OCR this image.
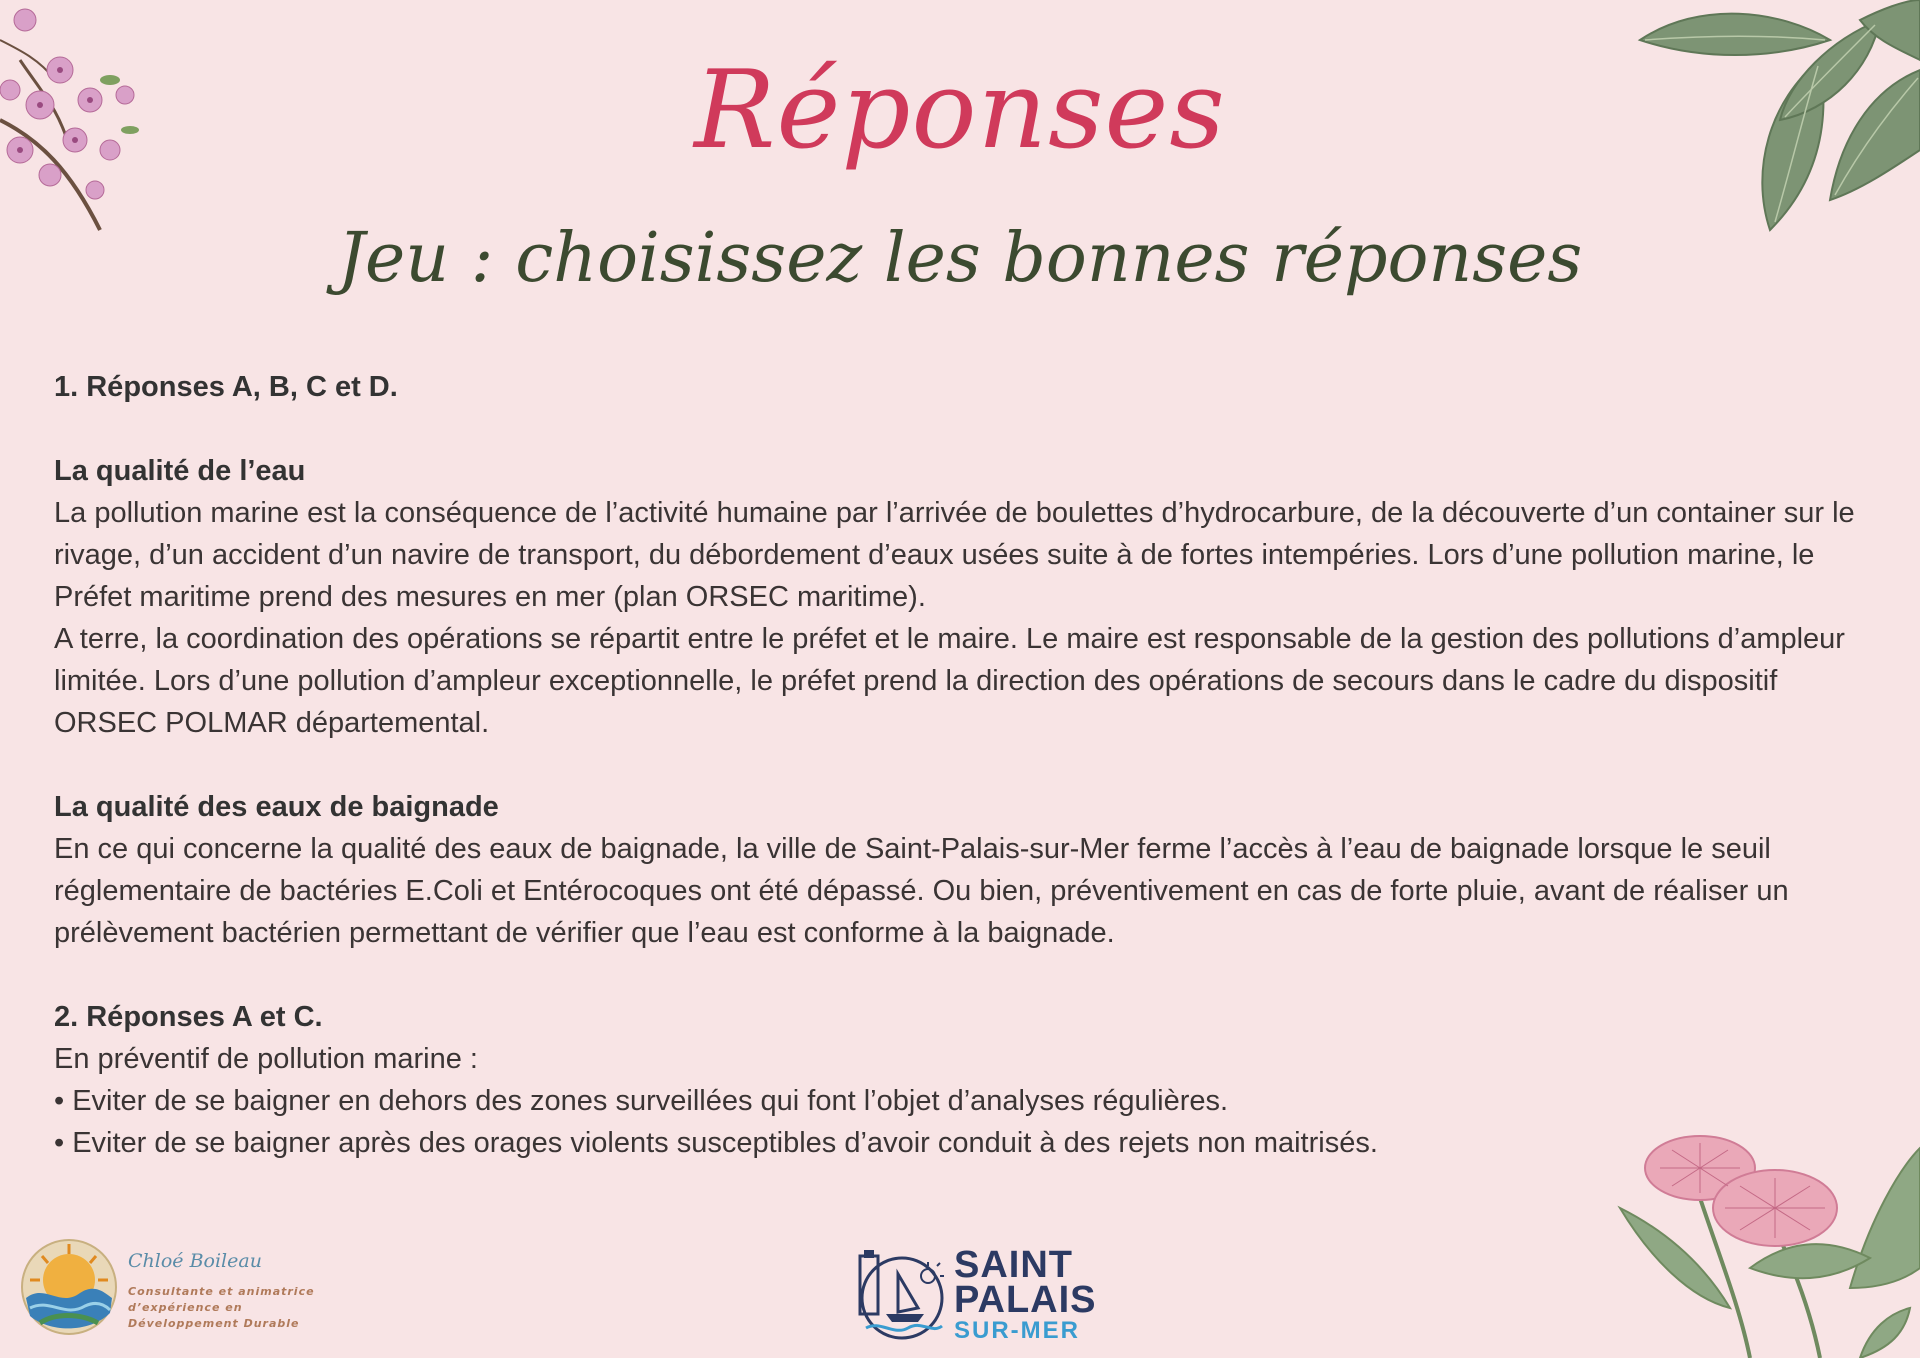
Réponses
Jeu : choisissez les bonnes réponses

1. Réponses A, B, C et D.

La qualité de l’eau

La pollution marine est la conséquence de l’activité humaine par l’arrivée de boulettes d’hydrocarbure, de la découverte d’un container sur le rivage, d’un accident d’un navire de transport, du débordement d’eaux usées suite à de fortes intempéries. Lors d’une pollution marine, le Préfet maritime prend des mesures en mer (plan ORSEC maritime).

A terre, la coordination des opérations se répartit entre le préfet et le maire. Le maire est responsable de la gestion des pollutions d’ampleur limitée. Lors d’une pollution d’ampleur exceptionnelle, le préfet prend la direction des opérations de secours dans le cadre du dispositif ORSEC POLMAR départemental.

La qualité des eaux de baignade

En ce qui concerne la qualité des eaux de baignade, la ville de Saint-Palais-sur-Mer ferme l’accès à l’eau de baignade lorsque le seuil réglementaire de bactéries E.Coli et Entérocoques ont été dépassé. Ou bien, préventivement en cas de forte pluie, avant de réaliser un prélèvement bactérien permettant de vérifier que l’eau est conforme à la baignade.

2. Réponses A et C.

En préventif de pollution marine :

• Eviter de se baigner en dehors des zones surveillées qui font l’objet d’analyses régulières.

• Eviter de se baigner après des orages violents susceptibles d’avoir conduit à des rejets non maitrisés.

Chloé Boileau
Consultante et animatrice
d’expérience en
Développement Durable
SAINT
PALAIS
SUR-MER
